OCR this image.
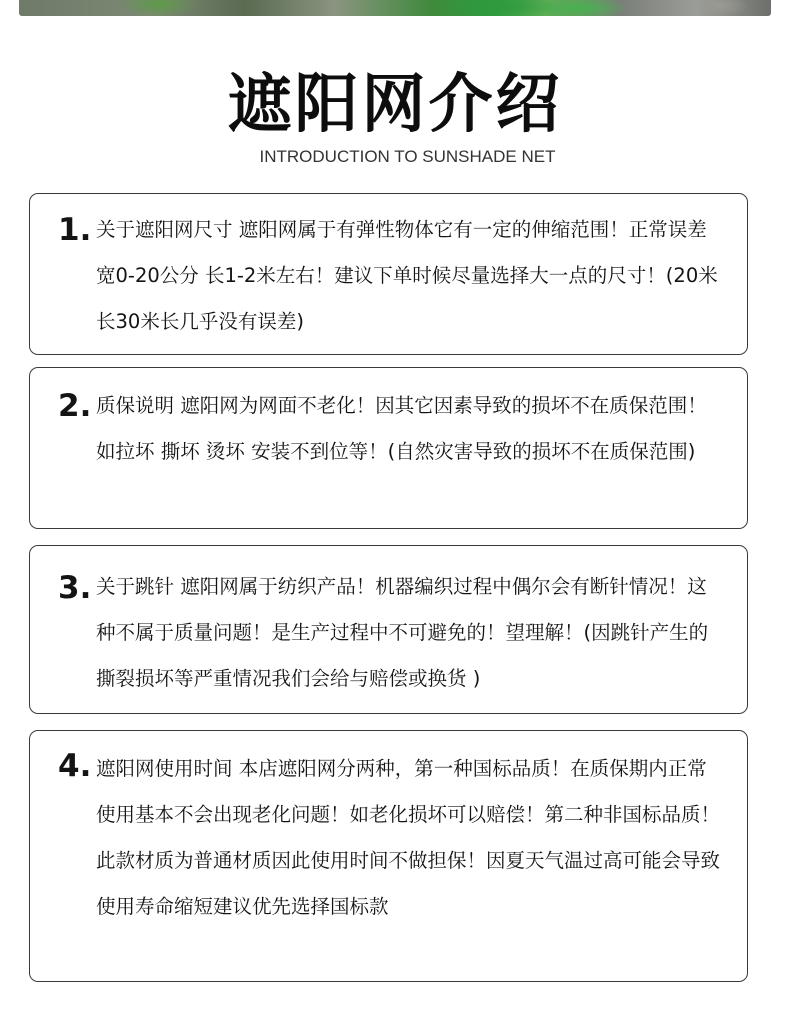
遮阳网介绍
INTRODUCTION TO SUNSHADE NET
1. 关于遮阳网尺寸 遮阳网属于有弹性物体它有一定的伸缩范围！正常误差 宽0-20公分 长1-2米左右！建议下单时候尽量选择大一点的尺寸！(20米长30米长几乎没有误差)
2. 质保说明 遮阳网为网面不老化！因其它因素导致的损坏不在质保范围！如拉坏 撕坏 烫坏 安装不到位等！(自然灾害导致的损坏不在质保范围)
3. 关于跳针 遮阳网属于纺织产品！机器编织过程中偶尔会有断针情况！这种不属于质量问题！是生产过程中不可避免的！望理解！(因跳针产生的撕裂损坏等严重情况我们会给与赔偿或换货 )
4. 遮阳网使用时间 本店遮阳网分两种，第一种国标品质！在质保期内正常使用基本不会出现老化问题！如老化损坏可以赔偿！第二种非国标品质！此款材质为普通材质因此使用时间不做担保！因夏天气温过高可能会导致使用寿命缩短建议优先选择国标款
